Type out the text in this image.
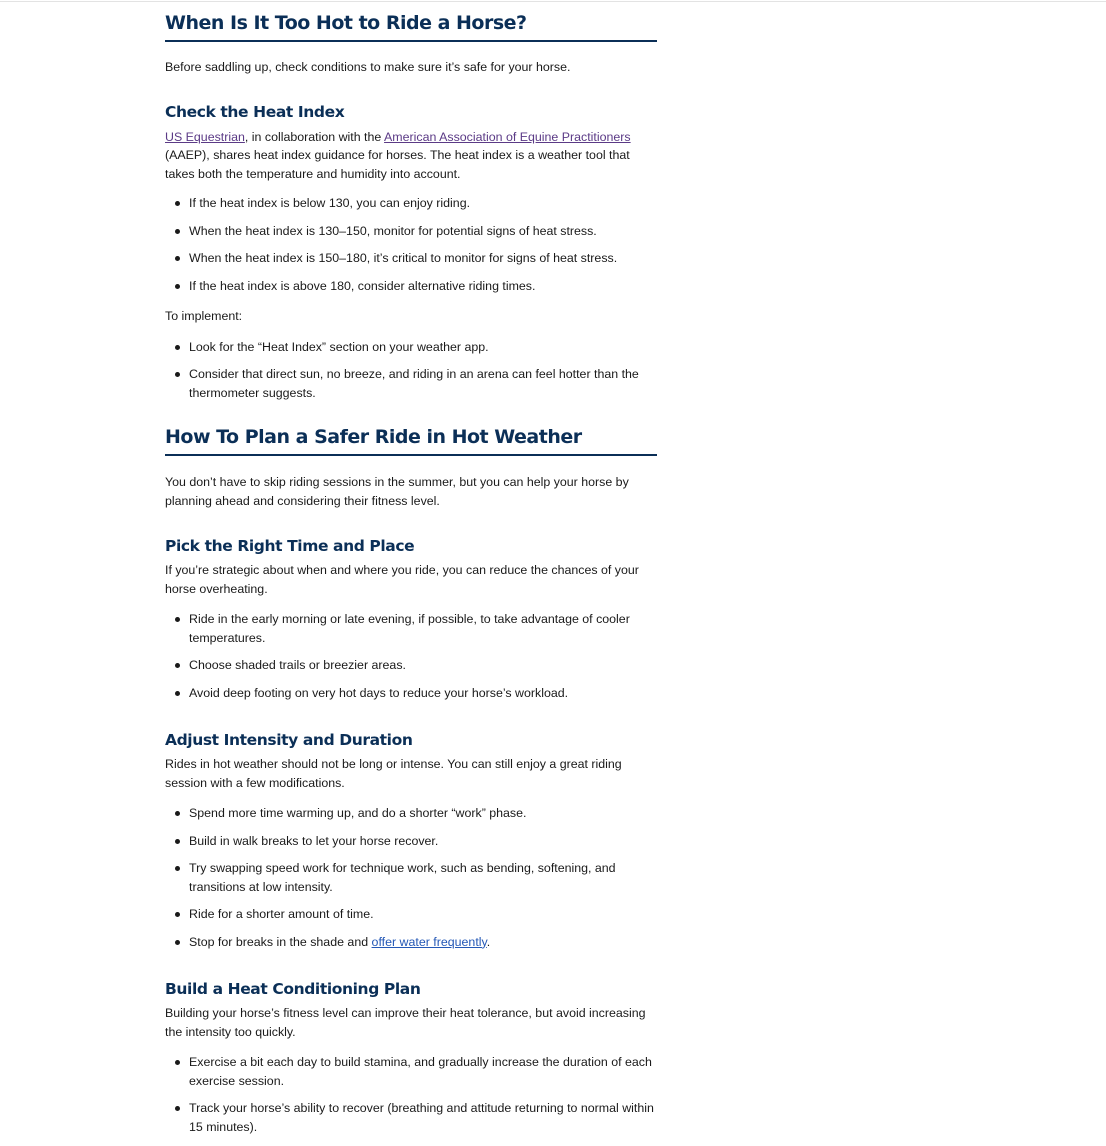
When Is It Too Hot to Ride a Horse?

Before saddling up, check conditions to make sure it’s safe for your horse.

Check the Heat Index

US Equestrian, in collaboration with the American Association of Equine Practitioners (AAEP), shares heat index guidance for horses. The heat index is a weather tool that takes both the temperature and humidity into account.

If the heat index is below 130, you can enjoy riding.
When the heat index is 130–150, monitor for potential signs of heat stress.
When the heat index is 150–180, it’s critical to monitor for signs of heat stress.
If the heat index is above 180, consider alternative riding times.

To implement:

Look for the “Heat Index” section on your weather app.
Consider that direct sun, no breeze, and riding in an arena can feel hotter than the thermometer suggests.
How To Plan a Safer Ride in Hot Weather

You don’t have to skip riding sessions in the summer, but you can help your horse by planning ahead and considering their fitness level.

Pick the Right Time and Place

If you’re strategic about when and where you ride, you can reduce the chances of your horse overheating.

Ride in the early morning or late evening, if possible, to take advantage of cooler temperatures.
Choose shaded trails or breezier areas.
Avoid deep footing on very hot days to reduce your horse’s workload.
Adjust Intensity and Duration

Rides in hot weather should not be long or intense. You can still enjoy a great riding session with a few modifications.

Spend more time warming up, and do a shorter “work” phase.
Build in walk breaks to let your horse recover.
Try swapping speed work for technique work, such as bending, softening, and transitions at low intensity.
Ride for a shorter amount of time.
Stop for breaks in the shade and offer water frequently.
Build a Heat Conditioning Plan

Building your horse’s fitness level can improve their heat tolerance, but avoid increasing the intensity too quickly.

Exercise a bit each day to build stamina, and gradually increase the duration of each exercise session.
Track your horse’s ability to recover (breathing and attitude returning to normal within 15 minutes).
